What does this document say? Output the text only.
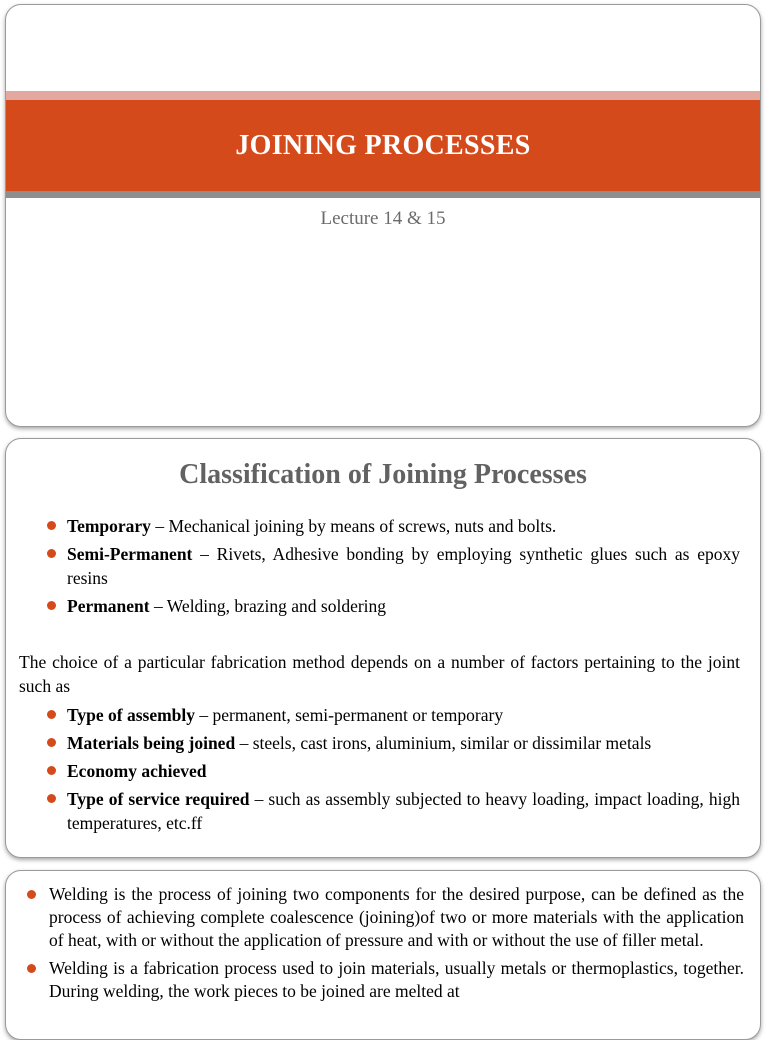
JOINING PROCESSES
Lecture 14 & 15
Classification of Joining Processes
Temporary – Mechanical joining by means of screws, nuts and bolts.
Semi-Permanent – Rivets, Adhesive bonding by employing synthetic glues such as epoxy resins
Permanent – Welding, brazing and soldering
The choice of a particular fabrication method depends on a number of factors pertaining to the joint such as
Type of assembly – permanent, semi-permanent or temporary
Materials being joined – steels, cast irons, aluminium, similar or dissimilar metals
Economy achieved
Type of service required – such as assembly subjected to heavy loading, impact loading, high temperatures, etc.ff
Welding is the process of joining two components for the desired purpose, can be defined as the process of achieving complete coalescence (joining)of two or more materials with the application of heat, with or without the application of pressure and with or without the use of filler metal.
Welding is a fabrication process used to join materials, usually metals or thermoplastics, together. During welding, the work pieces to be joined are melted at
